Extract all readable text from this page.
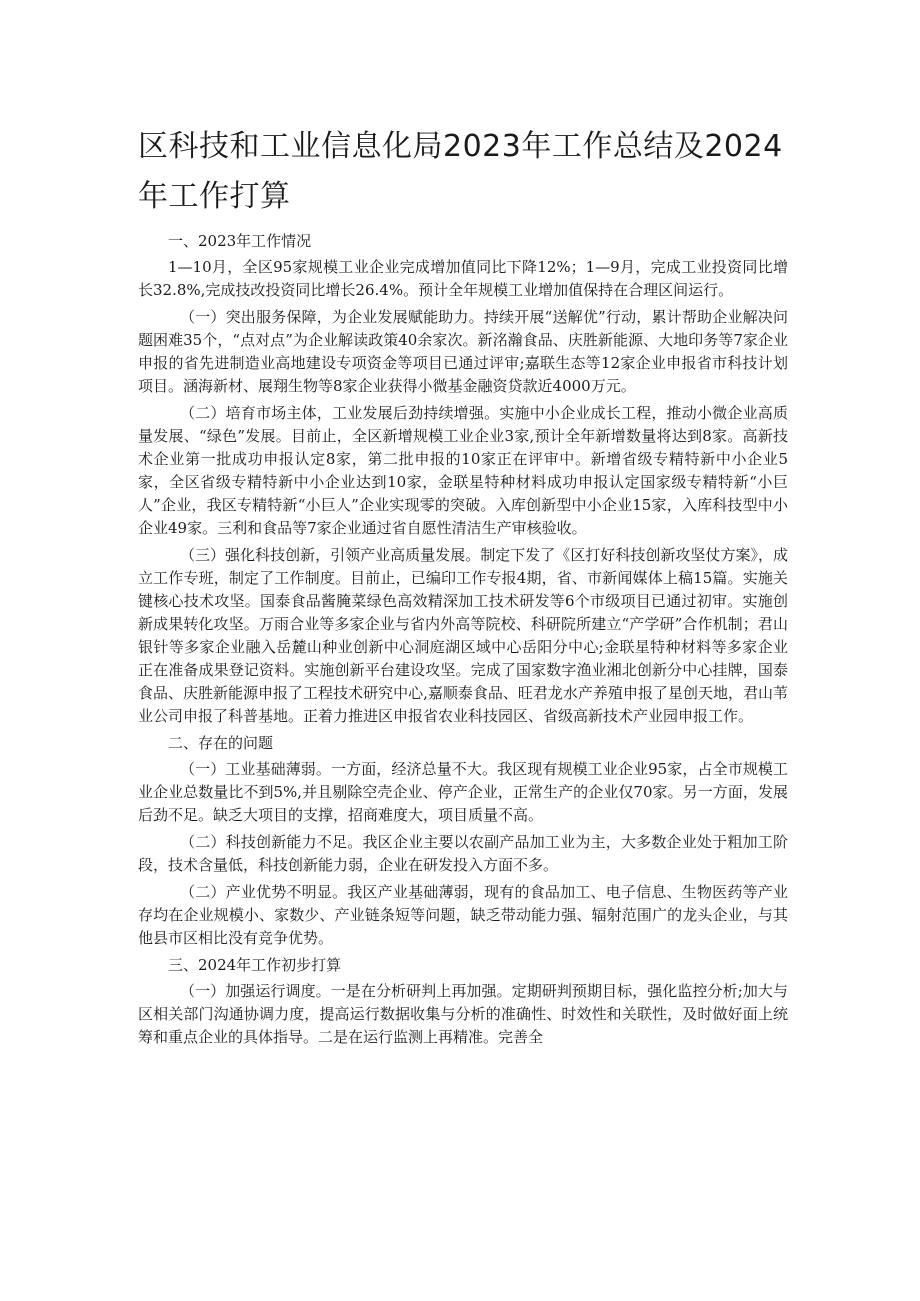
区科技和工业信息化局2023年工作总结及2024年工作打算

一、2023年工作情况

1—10月，全区95家规模工业企业完成增加值同比下降12%；1—9月，完成工业投资同比增长32.8%,完成技改投资同比增长26.4%。预计全年规模工业增加值保持在合理区间运行。

（一）突出服务保障，为企业发展赋能助力。持续开展“送解优”行动，累计帮助企业解决问题困难35个，“点对点”为企业解读政策40余家次。新洺瀚食品、庆胜新能源、大地印务等7家企业申报的省先进制造业高地建设专项资金等项目已通过评审;嘉联生态等12家企业申报省市科技计划项目。涵海新材、展翔生物等8家企业获得小微基金融资贷款近4000万元。

（二）培育市场主体，工业发展后劲持续增强。实施中小企业成长工程，推动小微企业高质量发展、“绿色”发展。目前止，全区新增规模工业企业3家,预计全年新增数量将达到8家。高新技术企业第一批成功申报认定8家，第二批申报的10家正在评审中。新增省级专精特新中小企业5家，全区省级专精特新中小企业达到10家，金联星特种材料成功申报认定国家级专精特新“小巨人”企业，我区专精特新“小巨人”企业实现零的突破。入库创新型中小企业15家，入库科技型中小企业49家。三利和食品等7家企业通过省自愿性清洁生产审核验收。

（三）强化科技创新，引领产业高质量发展。制定下发了《区打好科技创新攻坚仗方案》，成立工作专班，制定了工作制度。目前止，已编印工作专报4期，省、市新闻媒体上稿15篇。实施关键核心技术攻坚。国泰食品酱腌菜绿色高效精深加工技术研发等6个市级项目已通过初审。实施创新成果转化攻坚。万雨合业等多家企业与省内外高等院校、科研院所建立“产学研”合作机制；君山银针等多家企业融入岳麓山种业创新中心洞庭湖区域中心岳阳分中心;金联星特种材料等多家企业正在准备成果登记资料。实施创新平台建设攻坚。完成了国家数字渔业湘北创新分中心挂牌，国泰食品、庆胜新能源申报了工程技术研究中心,嘉顺泰食品、旺君龙水产养殖申报了星创天地，君山苇业公司申报了科普基地。正着力推进区申报省农业科技园区、省级高新技术产业园申报工作。

二、存在的问题

（一）工业基础薄弱。一方面，经济总量不大。我区现有规模工业企业95家，占全市规模工业企业总数量比不到5%,并且剔除空壳企业、停产企业，正常生产的企业仅70家。另一方面，发展后劲不足。缺乏大项目的支撑，招商难度大，项目质量不高。

（二）科技创新能力不足。我区企业主要以农副产品加工业为主，大多数企业处于粗加工阶段，技术含量低，科技创新能力弱，企业在研发投入方面不多。

（二）产业优势不明显。我区产业基础薄弱，现有的食品加工、电子信息、生物医药等产业存均在企业规模小、家数少、产业链条短等问题，缺乏带动能力强、辐射范围广的龙头企业，与其他县市区相比没有竞争优势。

三、2024年工作初步打算

（一）加强运行调度。一是在分析研判上再加强。定期研判预期目标，强化监控分析;加大与区相关部门沟通协调力度，提高运行数据收集与分析的准确性、时效性和关联性，及时做好面上统筹和重点企业的具体指导。二是在运行监测上再精准。完善全
